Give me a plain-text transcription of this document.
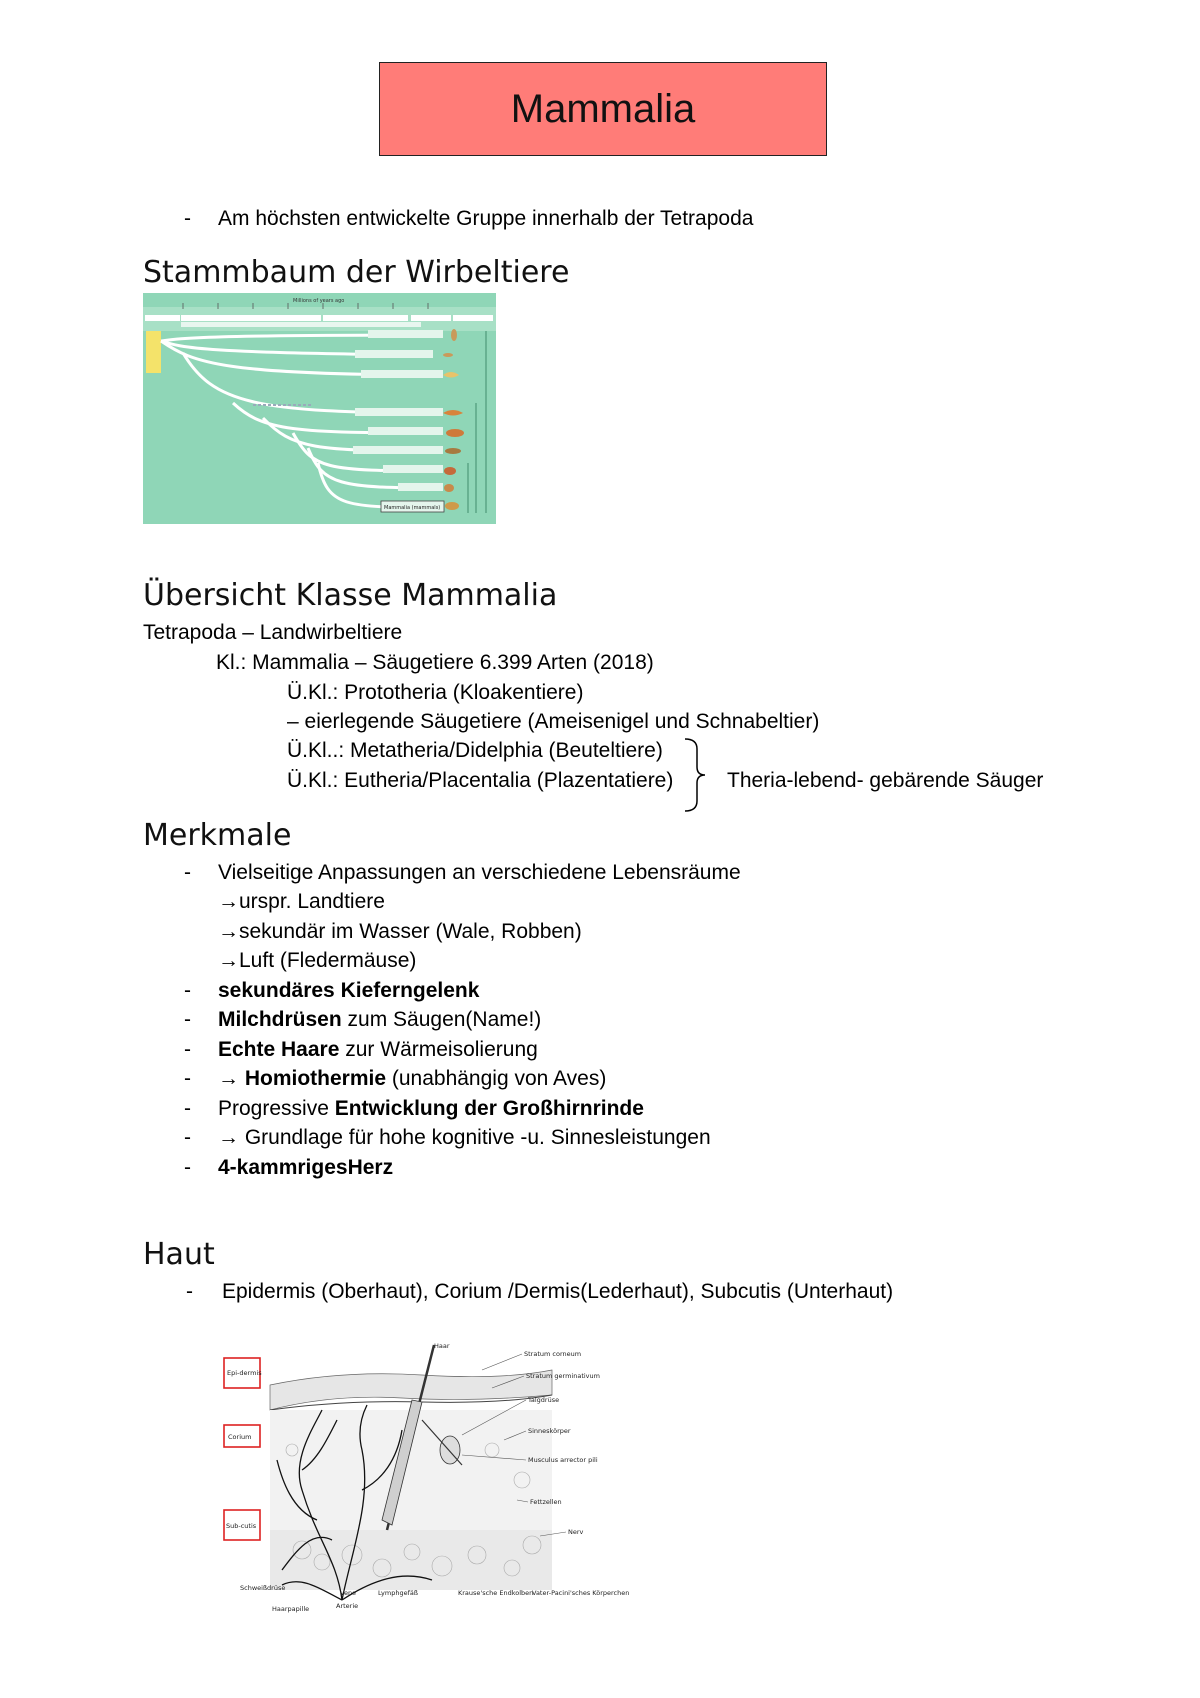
Mammalia
- Am höchsten entwickelte Gruppe innerhalb der Tetrapoda
Stammbaum der Wirbeltiere
Millions of years ago
Mammalia (mammals)
Übersicht Klasse Mammalia
Tetrapoda – Landwirbeltiere
Kl.: Mammalia – Säugetiere 6.399 Arten (2018)
Ü.Kl.: Prototheria (Kloakentiere)
– eierlegende Säugetiere (Ameisenigel und Schnabeltier)
Ü.Kl..: Metatheria/Didelphia (Beuteltiere)
Ü.Kl.: Eutheria/Placentalia (Plazentatiere)	Theria-lebend- gebärende Säuger
Merkmale
- Vielseitige Anpassungen an verschiedene Lebensräume
→urspr. Landtiere
→sekundär im Wasser (Wale, Robben)
→Luft (Fledermäuse)
- sekundäres Kieferngelenk
- Milchdrüsen zum Säugen(Name!)
- Echte Haare zur Wärmeisolierung
- → Homiothermie (unabhängig von Aves)
- Progressive Entwicklung der Großhirnrinde
- → Grundlage für hohe kognitive -u. Sinnesleistungen
- 4-kammrigesHerz
Haut
- Epidermis (Oberhaut), Corium /Dermis(Lederhaut), Subcutis (Unterhaut)
Epi-dermis
Corium
Sub-cutis
Haar
Stratum corneum
Stratum germinativum
Talgdrüse
Sinneskörper
Musculus arrector pili
Fettzellen
Nerv
Schweißdrüse
Haarpapille
Vene
Arterie
Lymphgefäß	Krause'sche Endkolben
Vater-Pacini'sches Körperchen
